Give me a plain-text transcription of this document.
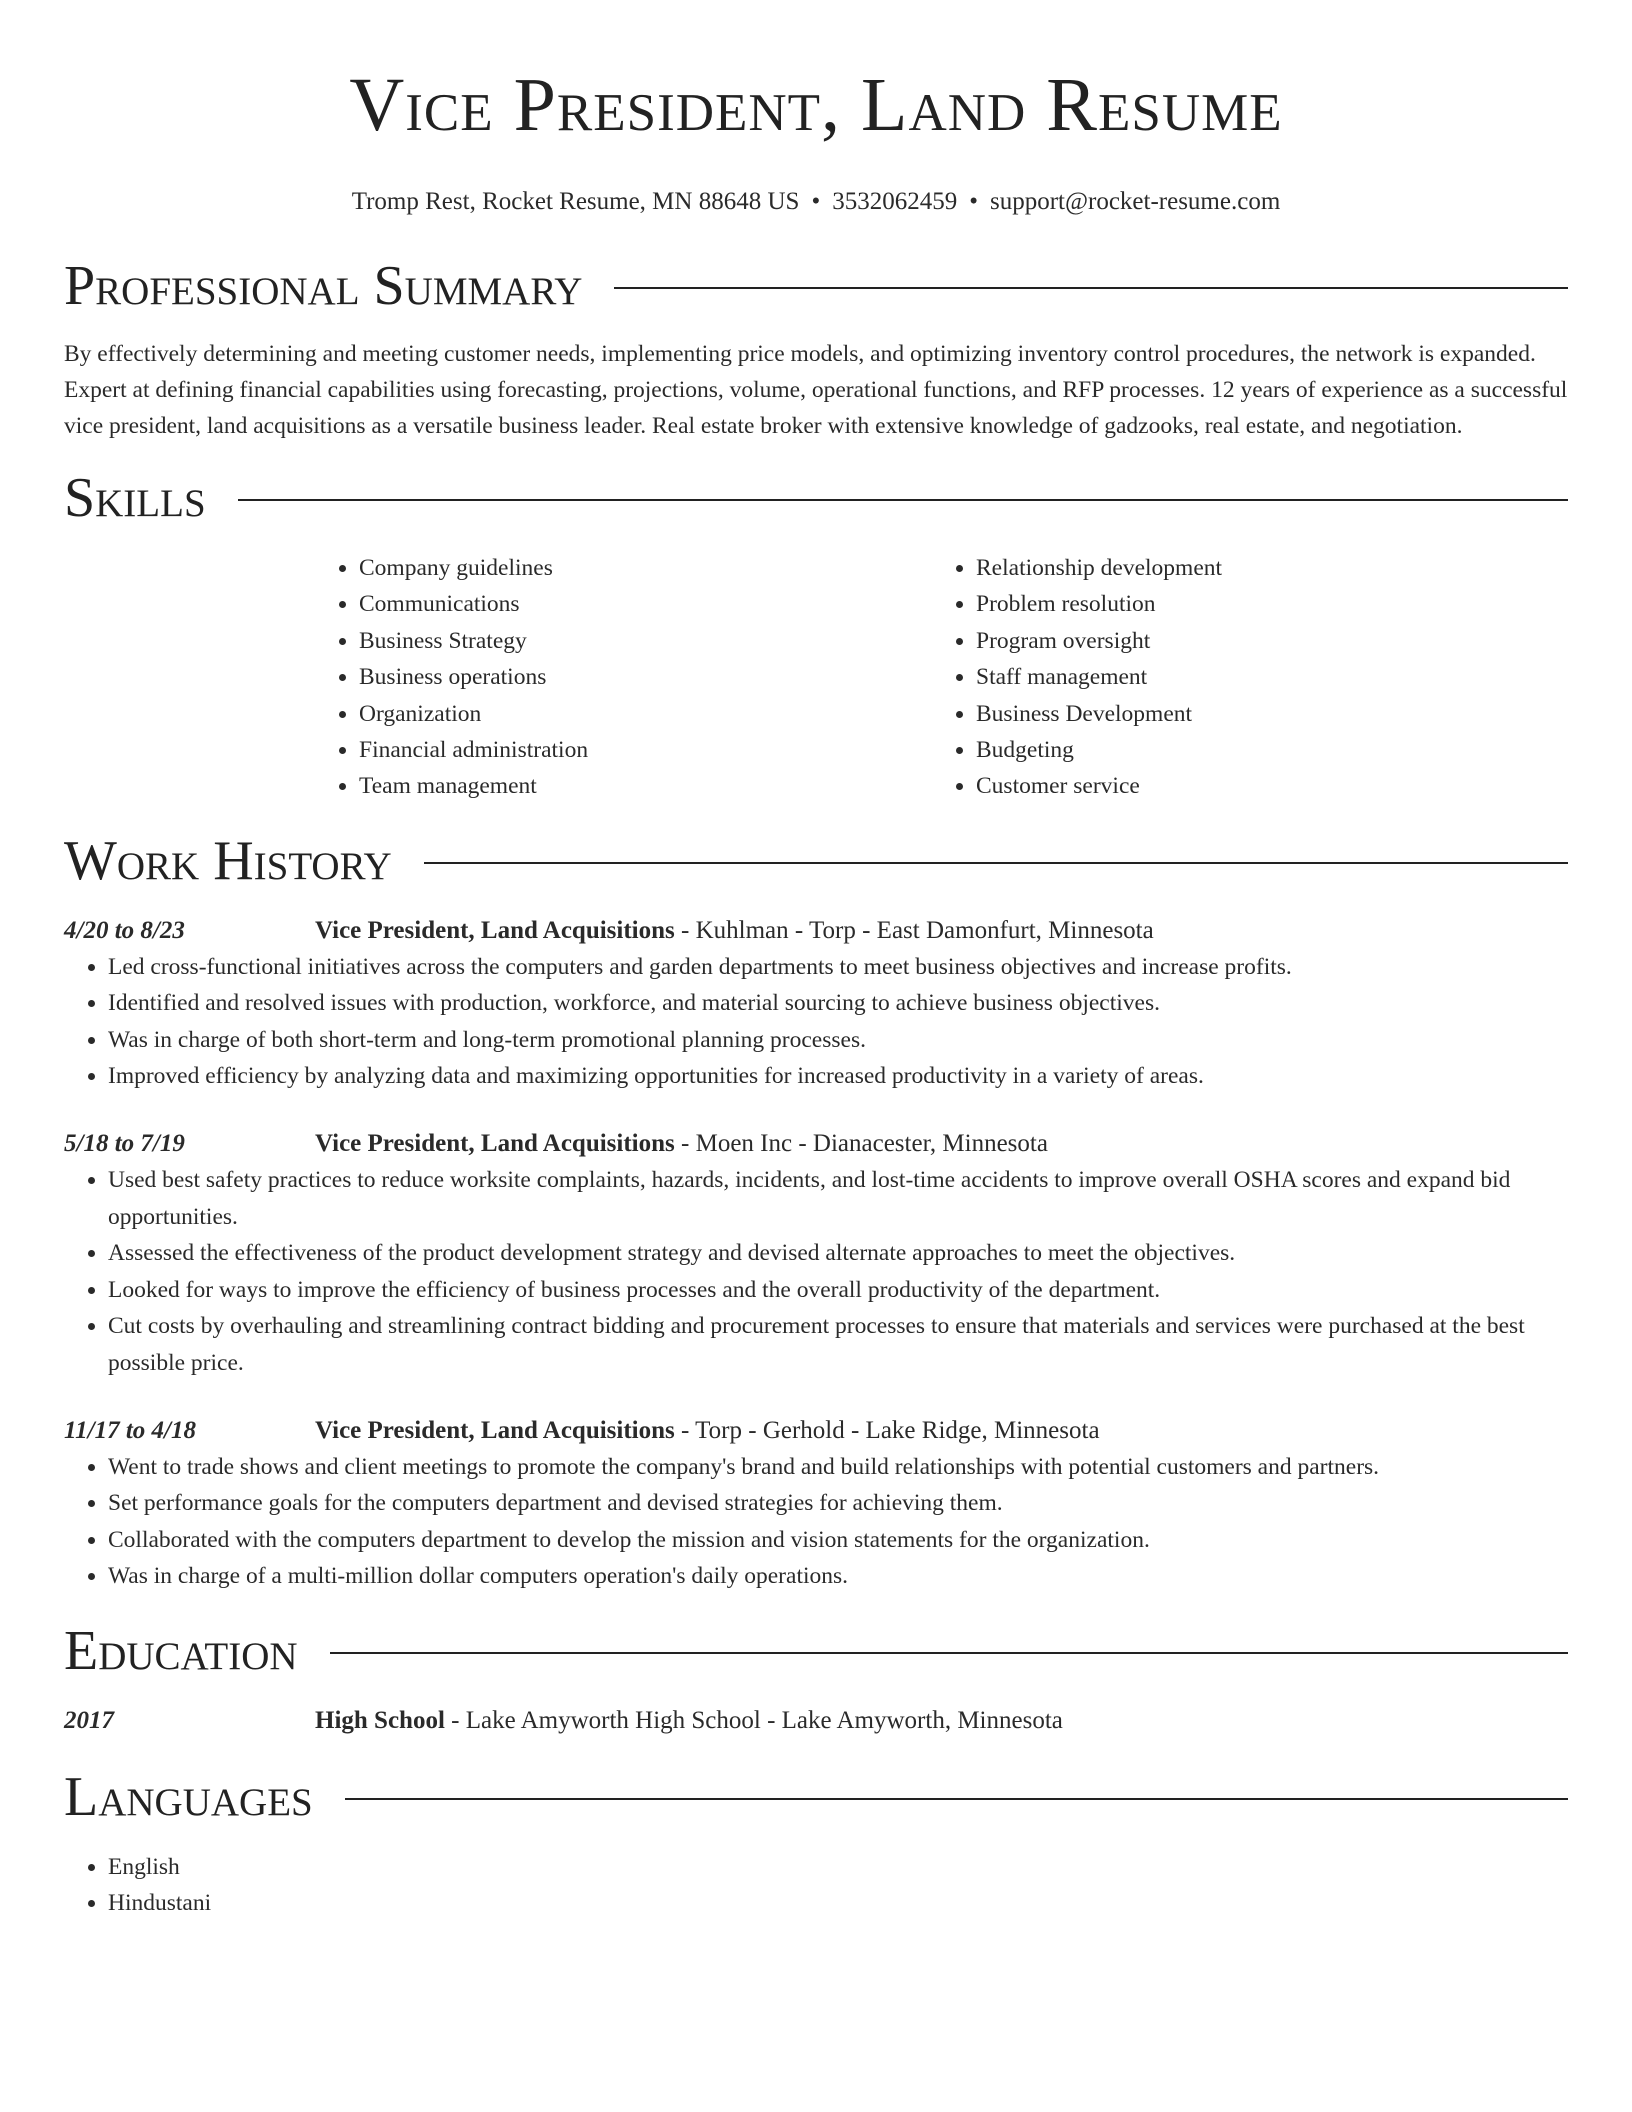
Vice President, Land Resume
Tromp Rest, Rocket Resume, MN 88648 US • 3532062459 • support@rocket-resume.com
Professional Summary

By effectively determining and meeting customer needs, implementing price models, and optimizing inventory control procedures, the network is expanded. Expert at defining financial capabilities using forecasting, projections, volume, operational functions, and RFP processes. 12 years of experience as a successful vice president, land acquisitions as a versatile business leader. Real estate broker with extensive knowledge of gadzooks, real estate, and negotiation.

Skills
• Company guidelines
• Communications
• Business Strategy
• Business operations
• Organization
• Financial administration
• Team management
• Relationship development
• Problem resolution
• Program oversight
• Staff management
• Business Development
• Budgeting
• Customer service
Work History
4/20 to 8/23	Vice President, Land Acquisitions - Kuhlman - Torp - East Damonfurt, Minnesota
• Led cross-functional initiatives across the computers and garden departments to meet business objectives and increase profits.
• Identified and resolved issues with production, workforce, and material sourcing to achieve business objectives.
• Was in charge of both short-term and long-term promotional planning processes.
• Improved efficiency by analyzing data and maximizing opportunities for increased productivity in a variety of areas.
5/18 to 7/19	Vice President, Land Acquisitions - Moen Inc - Dianacester, Minnesota
• Used best safety practices to reduce worksite complaints, hazards, incidents, and lost-time accidents to improve overall OSHA scores and expand bid opportunities.
• Assessed the effectiveness of the product development strategy and devised alternate approaches to meet the objectives.
• Looked for ways to improve the efficiency of business processes and the overall productivity of the department.
• Cut costs by overhauling and streamlining contract bidding and procurement processes to ensure that materials and services were purchased at the best possible price.
11/17 to 4/18	Vice President, Land Acquisitions - Torp - Gerhold - Lake Ridge, Minnesota
• Went to trade shows and client meetings to promote the company's brand and build relationships with potential customers and partners.
• Set performance goals for the computers department and devised strategies for achieving them.
• Collaborated with the computers department to develop the mission and vision statements for the organization.
• Was in charge of a multi-million dollar computers operation's daily operations.
Education
2017	High School - Lake Amyworth High School - Lake Amyworth, Minnesota
Languages
• English
• Hindustani
